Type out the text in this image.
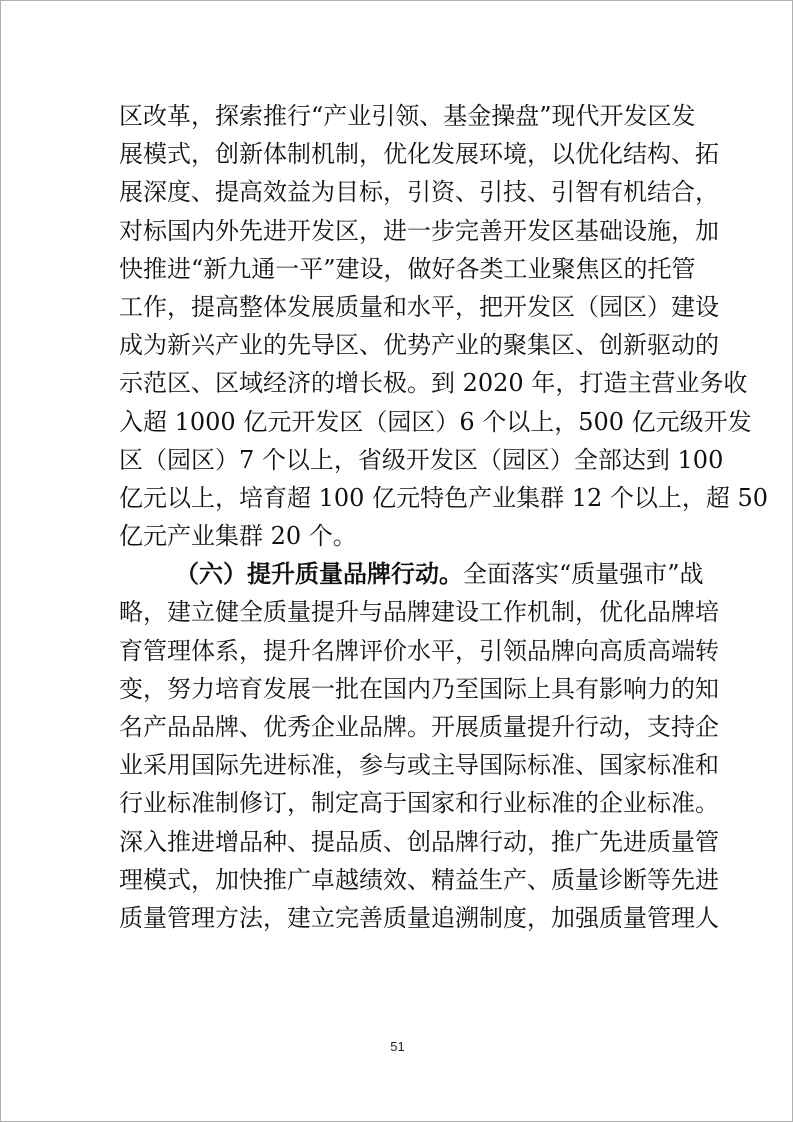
区改革，探索推行“产业引领、基金操盘”现代开发区发
展模式，创新体制机制，优化发展环境，以优化结构、拓
展深度、提高效益为目标，引资、引技、引智有机结合，
对标国内外先进开发区，进一步完善开发区基础设施，加
快推进“新九通一平”建设，做好各类工业聚焦区的托管
工作，提高整体发展质量和水平，把开发区（园区）建设
成为新兴产业的先导区、优势产业的聚集区、创新驱动的
示范区、区域经济的增长极。到 2020 年，打造主营业务收
入超 1000 亿元开发区（园区）6 个以上，500 亿元级开发
区（园区）7 个以上，省级开发区（园区）全部达到 100
亿元以上，培育超 100 亿元特色产业集群 12 个以上，超 50
亿元产业集群 20 个。
（六）提升质量品牌行动。全面落实“质量强市”战
略，建立健全质量提升与品牌建设工作机制，优化品牌培
育管理体系，提升名牌评价水平，引领品牌向高质高端转
变，努力培育发展一批在国内乃至国际上具有影响力的知
名产品品牌、优秀企业品牌。开展质量提升行动，支持企
业采用国际先进标准，参与或主导国际标准、国家标准和
行业标准制修订，制定高于国家和行业标准的企业标准。
深入推进增品种、提品质、创品牌行动，推广先进质量管
理模式，加快推广卓越绩效、精益生产、质量诊断等先进
质量管理方法，建立完善质量追溯制度，加强质量管理人
51
